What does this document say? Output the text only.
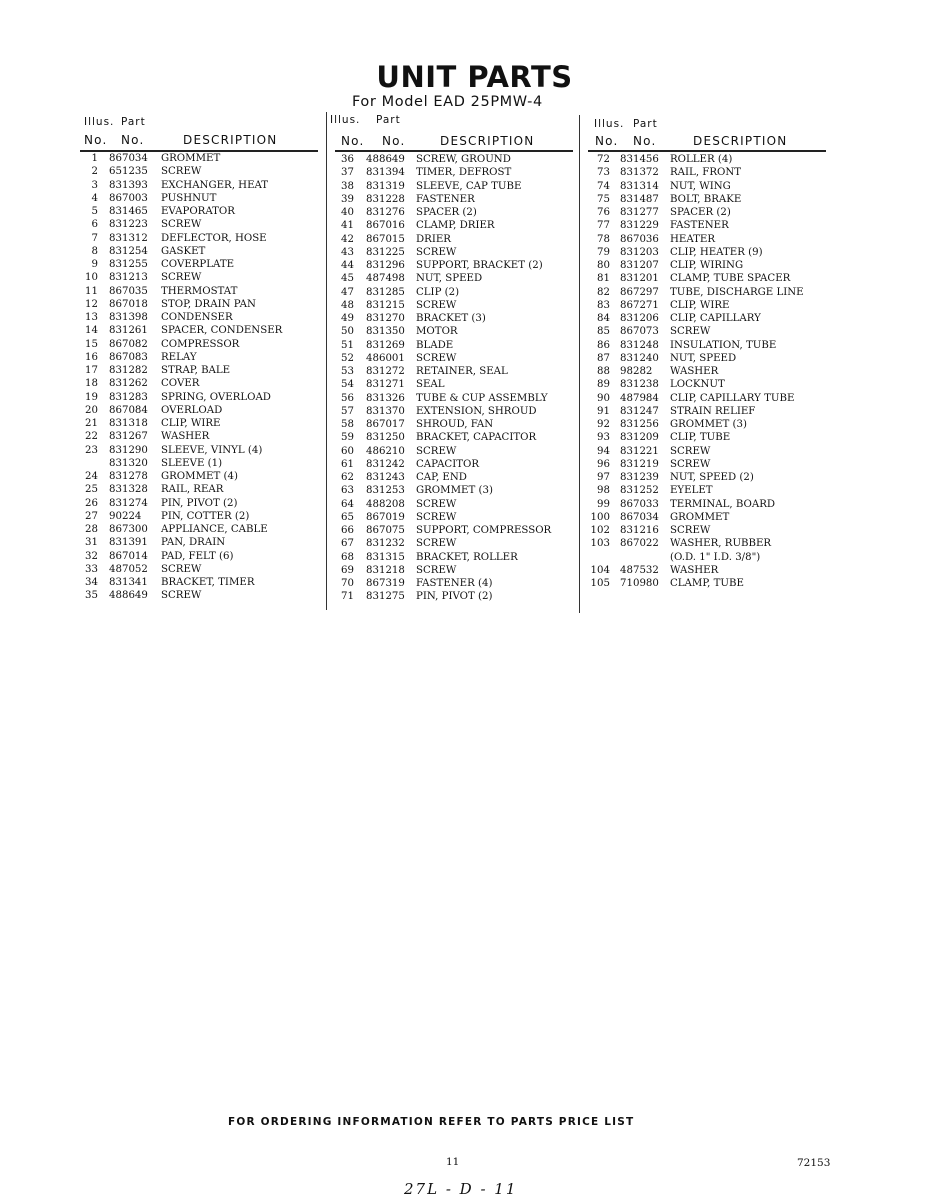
UNIT PARTS
For Model EAD 25PMW-4
Illus. Part
No. No.	DESCRIPTION
1 867034 GROMMET
2 651235 SCREW
3 831393 EXCHANGER, HEAT
4 867003 PUSHNUT
5 831465 EVAPORATOR
6 831223 SCREW
7 831312 DEFLECTOR, HOSE
8 831254 GASKET
9 831255 COVERPLATE
10 831213 SCREW
11 867035 THERMOSTAT
12 867018 STOP, DRAIN PAN
13 831398 CONDENSER
14 831261 SPACER, CONDENSER
15 867082 COMPRESSOR
16 867083 RELAY
17 831282 STRAP, BALE
18 831262 COVER
19 831283 SPRING, OVERLOAD
20 867084 OVERLOAD
21 831318 CLIP, WIRE
22 831267 WASHER
23 831290 SLEEVE, VINYL (4)
831320 SLEEVE (1)
24 831278 GROMMET (4)
25 831328 RAIL, REAR
26 831274 PIN, PIVOT (2)
27 90224 PIN, COTTER (2)
28 867300 APPLIANCE, CABLE
31 831391 PAN, DRAIN
32 867014 PAD, FELT (6)
33 487052 SCREW
34 831341 BRACKET, TIMER
35 488649 SCREW
Illus. Part
No. No.	DESCRIPTION
36 488649 SCREW, GROUND
37 831394 TIMER, DEFROST
38 831319 SLEEVE, CAP TUBE
39 831228 FASTENER
40 831276 SPACER (2)
41 867016 CLAMP, DRIER
42 867015 DRIER
43 831225 SCREW
44 831296 SUPPORT, BRACKET (2)
45 487498 NUT, SPEED
47 831285 CLIP (2)
48 831215 SCREW
49 831270 BRACKET (3)
50 831350 MOTOR
51 831269 BLADE
52 486001 SCREW
53 831272 RETAINER, SEAL
54 831271 SEAL
56 831326 TUBE & CUP ASSEMBLY
57 831370 EXTENSION, SHROUD
58 867017 SHROUD, FAN
59 831250 BRACKET, CAPACITOR
60 486210 SCREW
61 831242 CAPACITOR
62 831243 CAP, END
63 831253 GROMMET (3)
64 488208 SCREW
65 867019 SCREW
66 867075 SUPPORT, COMPRESSOR
67 831232 SCREW
68 831315 BRACKET, ROLLER
69 831218 SCREW
70 867319 FASTENER (4)
71 831275 PIN, PIVOT (2)
Illus. Part
No. No.	DESCRIPTION
72 831456 ROLLER (4)
73 831372 RAIL, FRONT
74 831314 NUT, WING
75 831487 BOLT, BRAKE
76 831277 SPACER (2)
77 831229 FASTENER
78 867036 HEATER
79 831203 CLIP, HEATER (9)
80 831207 CLIP, WIRING
81 831201 CLAMP, TUBE SPACER
82 867297 TUBE, DISCHARGE LINE
83 867271 CLIP, WIRE
84 831206 CLIP, CAPILLARY
85 867073 SCREW
86 831248 INSULATION, TUBE
87 831240 NUT, SPEED
88 98282 WASHER
89 831238 LOCKNUT
90 487984 CLIP, CAPILLARY TUBE
91 831247 STRAIN RELIEF
92 831256 GROMMET (3)
93 831209 CLIP, TUBE
94 831221 SCREW
96 831219 SCREW
97 831239 NUT, SPEED (2)
98 831252 EYELET
99 867033 TERMINAL, BOARD
100 867034 GROMMET
102 831216 SCREW
103 867022 WASHER, RUBBER
(O.D. 1" I.D. 3/8")
104 487532 WASHER
105 710980 CLAMP, TUBE
FOR ORDERING INFORMATION REFER TO PARTS PRICE LIST
11	72153
27L - D - 11
